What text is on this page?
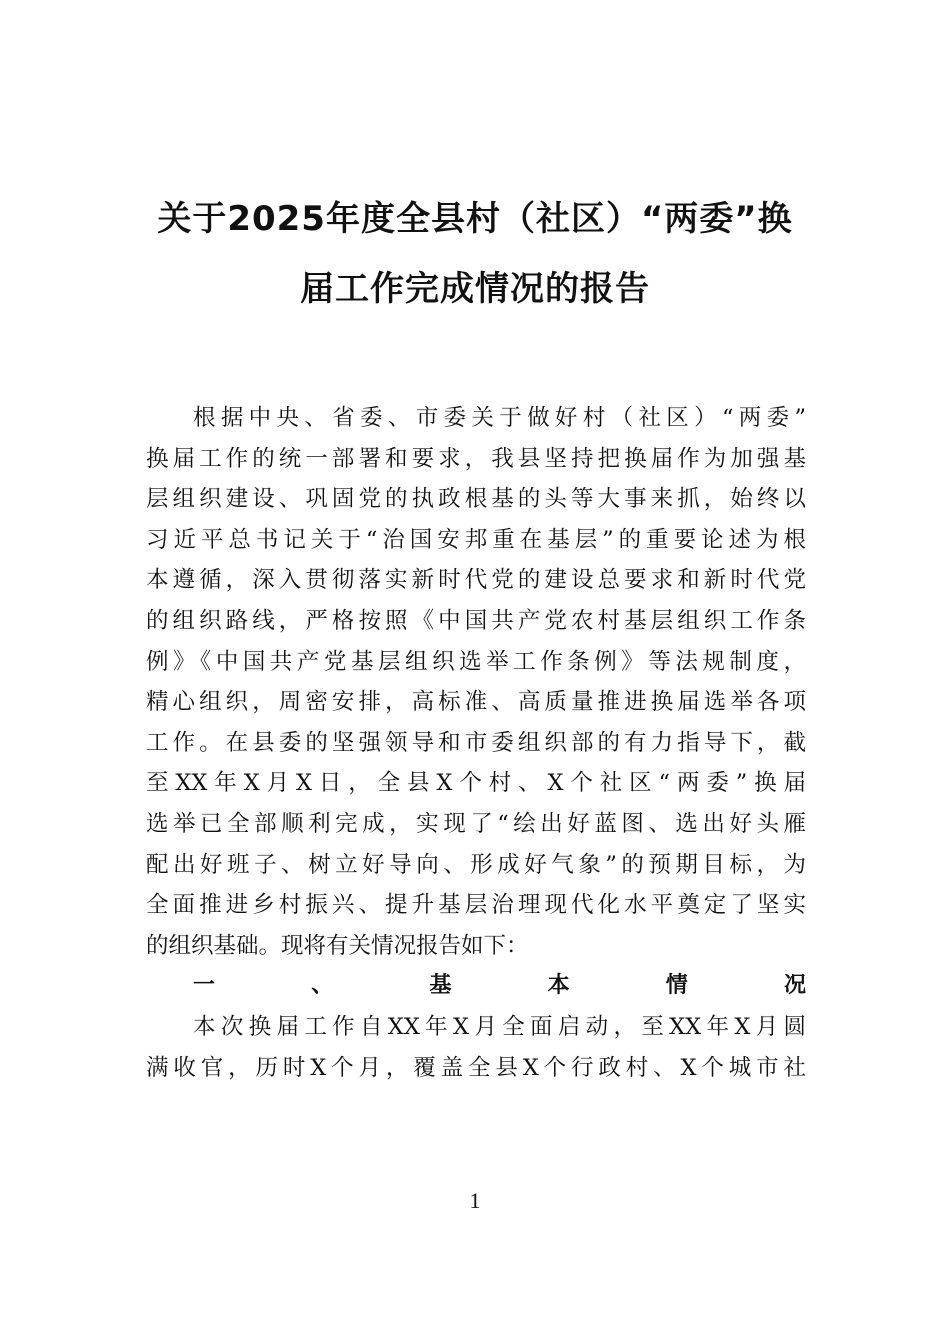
关于2025年度全县村（社区）“两委”换
届工作完成情况的报告
根据中央、省委、市委关于做好村（社区）“两委”
换届工作的统一部署和要求，我县坚持把换届作为加强基
层组织建设、巩固党的执政根基的头等大事来抓，始终以
习近平总书记关于“治国安邦重在基层”的重要论述为根
本遵循，深入贯彻落实新时代党的建设总要求和新时代党
的组织路线，严格按照《中国共产党农村基层组织工作条
例》《中国共产党基层组织选举工作条例》等法规制度，
精心组织，周密安排，高标准、高质量推进换届选举各项
工作。在县委的坚强领导和市委组织部的有力指导下，截
至XX年X月X日，全县X个村、X个社区“两委”换届
选举已全部顺利完成，实现了“绘出好蓝图、选出好头雁
配出好班子、树立好导向、形成好气象”的预期目标，为
全面推进乡村振兴、提升基层治理现代化水平奠定了坚实
的组织基础。现将有关情况报告如下：
一、基本情况
本次换届工作自XX年X月全面启动，至XX年X月圆
满收官，历时X个月，覆盖全县X个行政村、X个城市社
1
